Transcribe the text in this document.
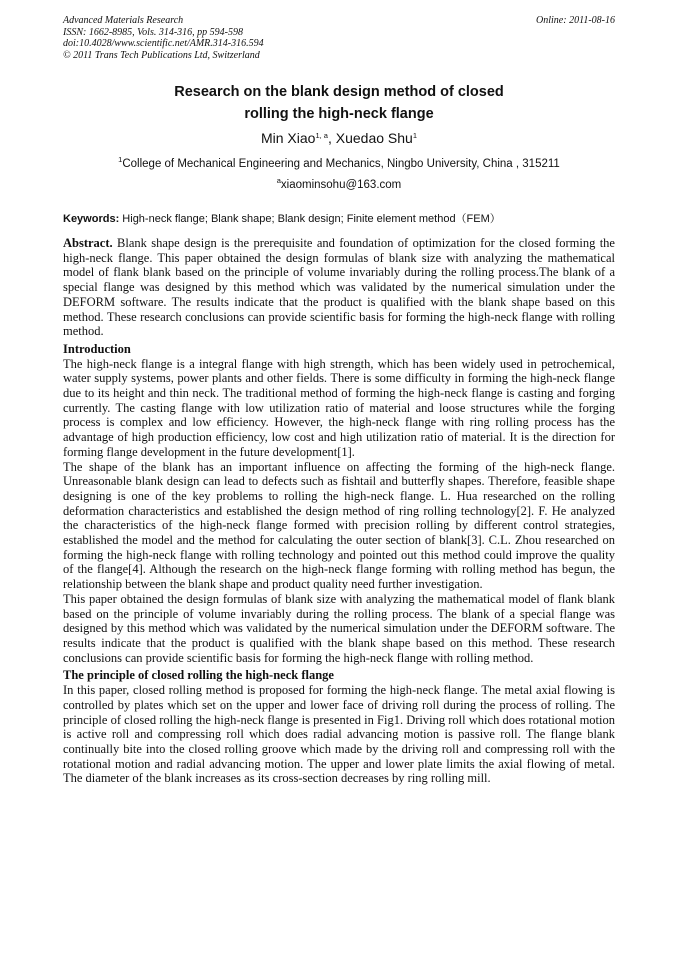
Advanced Materials Research
ISSN: 1662-8985, Vols. 314-316, pp 594-598
doi:10.4028/www.scientific.net/AMR.314-316.594
© 2011 Trans Tech Publications Ltd, Switzerland
Online: 2011-08-16
Research on the blank design method of closed
rolling the high-neck flange
Min Xiao$^{1, a}$, Xuedao Shu$^1$
$^1$College of Mechanical Engineering and Mechanics, Ningbo University, China , 315211
$^a$xiaominsohu@163.com
Keywords: High-neck flange; Blank shape; Blank design; Finite element method（FEM）

Abstract. Blank shape design is the prerequisite and foundation of optimization for the closed forming the high-neck flange. This paper obtained the design formulas of blank size with analyzing the mathematical model of flank blank based on the principle of volume invariably during the rolling process.The blank of a special flange was designed by this method which was validated by the numerical simulation under the DEFORM software. The results indicate that the product is qualified with the blank shape based on this method. These research conclusions can provide scientific basis for forming the high-neck flange with rolling method.

Introduction

The high-neck flange is a integral flange with high strength, which has been widely used in petrochemical, water supply systems, power plants and other fields. There is some difficulty in forming the high-neck flange due to its height and thin neck. The traditional method of forming the high-neck flange is casting and forging currently. The casting flange with low utilization ratio of material and loose structures while the forging process is complex and low efficiency. However, the high-neck flange with ring rolling process has the advantage of high production efficiency, low cost and high utilization ratio of material. It is the direction for forming flange development in the future development[1].

The shape of the blank has an important influence on affecting the forming of the high-neck flange. Unreasonable blank design can lead to defects such as fishtail and butterfly shapes. Therefore, feasible shape designing is one of the key problems to rolling the high-neck flange. L. Hua researched on the rolling deformation characteristics and established the design method of ring rolling technology[2]. F. He analyzed the characteristics of the high-neck flange formed with precision rolling by different control strategies, established the model and the method for calculating the outer section of blank[3]. C.L. Zhou researched on forming the high-neck flange with rolling technology and pointed out this method could improve the quality of the flange[4]. Although the research on the high-neck flange forming with rolling method has begun, the relationship between the blank shape and product quality need further investigation.

This paper obtained the design formulas of blank size with analyzing the mathematical model of flank blank based on the principle of volume invariably during the rolling process. The blank of a special flange was designed by this method which was validated by the numerical simulation under the DEFORM software. The results indicate that the product is qualified with the blank shape based on this method. These research conclusions can provide scientific basis for forming the high-neck flange with rolling method.

The principle of closed rolling the high-neck flange

In this paper, closed rolling method is proposed for forming the high-neck flange. The metal axial flowing is controlled by plates which set on the upper and lower face of driving roll during the process of rolling. The principle of closed rolling the high-neck flange is presented in Fig1. Driving roll which does rotational motion is active roll and compressing roll which does radial advancing motion is passive roll. The flange blank continually bite into the closed rolling groove which made by the driving roll and compressing roll with the rotational motion and radial advancing motion. The upper and lower plate limits the axial flowing of metal. The diameter of the blank increases as its cross-section decreases by ring rolling mill.
